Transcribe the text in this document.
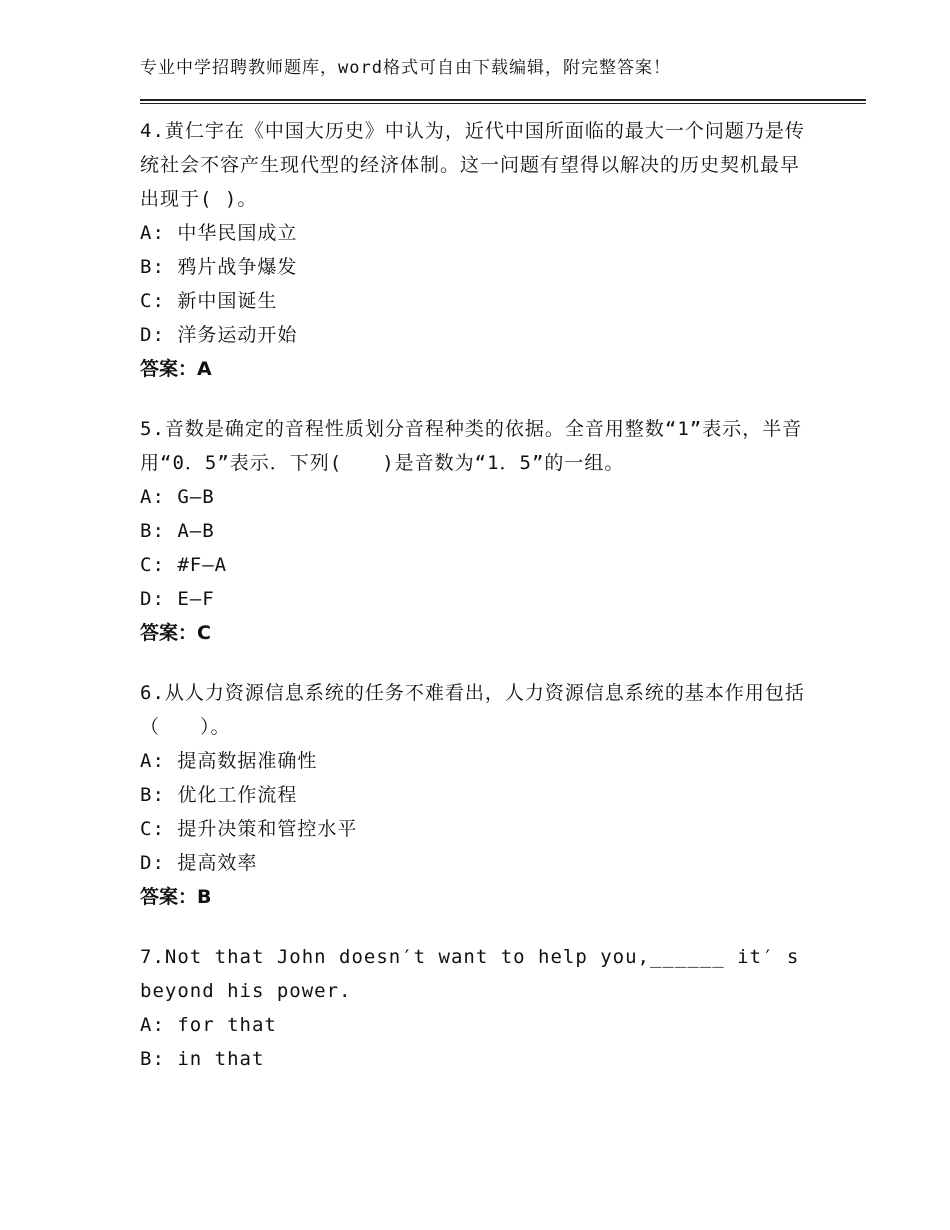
专业中学招聘教师题库，word格式可自由下载编辑，附完整答案！

4.黄仁宇在《中国大历史》中认为，近代中国所面临的最大一个问题乃是传统社会不容产生现代型的经济体制。这一问题有望得以解决的历史契机最早出现于( )。

A: 中华民国成立

B: 鸦片战争爆发

C: 新中国诞生

D: 洋务运动开始

答案：A

5.音数是确定的音程性质划分音程种类的依据。全音用整数“1”表示，半音用“0．5”表示．下列(　　)是音数为“1．5”的一组。

A: G—B

B: A—B

C: #F—A

D: E—F

答案：C

6.从人力资源信息系统的任务不难看出，人力资源信息系统的基本作用包括（　　）。

A: 提高数据准确性

B: 优化工作流程

C: 提升决策和管控水平

D: 提高效率

答案：B

7.Not that John doesn′t want to help you,______ it′ s beyond his power.

A: for that

B: in that
